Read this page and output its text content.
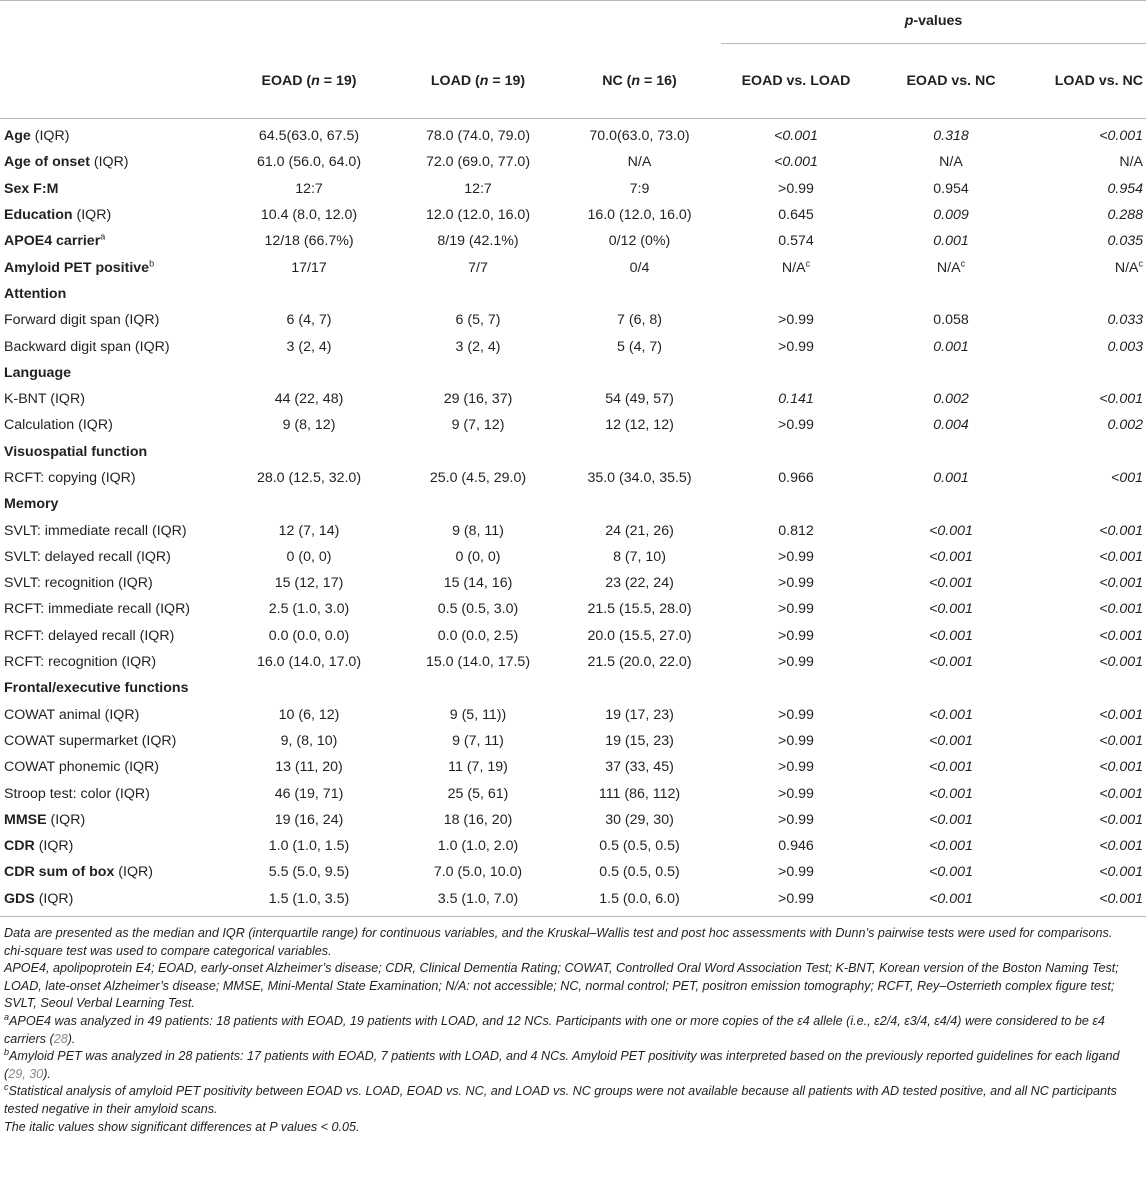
				p-values		
	EOAD (n = 19)	LOAD (n = 19)	NC (n = 16)	EOAD vs. LOAD	EOAD vs. NC	LOAD vs. NC

Age (IQR)	64.5(63.0, 67.5)	78.0 (74.0, 79.0)	70.0(63.0, 73.0)	<0.001	0.318	<0.001
Age of onset (IQR)	61.0 (56.0, 64.0)	72.0 (69.0, 77.0)	N/A	<0.001	N/A	N/A
Sex F:M	12:7	12:7	7:9	>0.99	0.954	0.954
Education (IQR)	10.4 (8.0, 12.0)	12.0 (12.0, 16.0)	16.0 (12.0, 16.0)	0.645	0.009	0.288
APOE4 carrier$^a$	12/18 (66.7%)	8/19 (42.1%)	0/12 (0%)	0.574	0.001	0.035
Amyloid PET positive$^b$	17/17	7/7	0/4	$N/A^c$	$N/A^c$	$N/A^c$
Attention						
Forward digit span (IQR)	6 (4, 7)	6 (5, 7)	7 (6, 8)	>0.99	0.058	0.033
Backward digit span (IQR)	3 (2, 4)	3 (2, 4)	5 (4, 7)	>0.99	0.001	0.003
Language						
K-BNT (IQR)	44 (22, 48)	29 (16, 37)	54 (49, 57)	0.141	0.002	<0.001
Calculation (IQR)	9 (8, 12)	9 (7, 12)	12 (12, 12)	>0.99	0.004	0.002
Visuospatial function						
RCFT: copying (IQR)	28.0 (12.5, 32.0)	25.0 (4.5, 29.0)	35.0 (34.0, 35.5)	0.966	0.001	<001
Memory						
SVLT: immediate recall (IQR)	12 (7, 14)	9 (8, 11)	24 (21, 26)	0.812	<0.001	<0.001
SVLT: delayed recall (IQR)	0 (0, 0)	0 (0, 0)	8 (7, 10)	>0.99	<0.001	<0.001
SVLT: recognition (IQR)	15 (12, 17)	15 (14, 16)	23 (22, 24)	>0.99	<0.001	<0.001
RCFT: immediate recall (IQR)	2.5 (1.0, 3.0)	0.5 (0.5, 3.0)	21.5 (15.5, 28.0)	>0.99	<0.001	<0.001
RCFT: delayed recall (IQR)	0.0 (0.0, 0.0)	0.0 (0.0, 2.5)	20.0 (15.5, 27.0)	>0.99	<0.001	<0.001
RCFT: recognition (IQR)	16.0 (14.0, 17.0)	15.0 (14.0, 17.5)	21.5 (20.0, 22.0)	>0.99	<0.001	<0.001
Frontal/executive functions						
COWAT animal (IQR)	10 (6, 12)	9 (5, 11))	19 (17, 23)	>0.99	<0.001	<0.001
COWAT supermarket (IQR)	9, (8, 10)	9 (7, 11)	19 (15, 23)	>0.99	<0.001	<0.001
COWAT phonemic (IQR)	13 (11, 20)	11 (7, 19)	37 (33, 45)	>0.99	<0.001	<0.001
Stroop test: color (IQR)	46 (19, 71)	25 (5, 61)	111 (86, 112)	>0.99	<0.001	<0.001
MMSE (IQR)	19 (16, 24)	18 (16, 20)	30 (29, 30)	>0.99	<0.001	<0.001
CDR (IQR)	1.0 (1.0, 1.5)	1.0 (1.0, 2.0)	0.5 (0.5, 0.5)	0.946	<0.001	<0.001
CDR sum of box (IQR)	5.5 (5.0, 9.5)	7.0 (5.0, 10.0)	0.5 (0.5, 0.5)	>0.99	<0.001	<0.001
GDS (IQR)	1.5 (1.0, 3.5)	3.5 (1.0, 7.0)	1.5 (0.0, 6.0)	>0.99	<0.001	<0.001

Data are presented as the median and IQR (interquartile range) for continuous variables, and the Kruskal–Wallis test and post hoc assessments with Dunn’s pairwise tests were used for comparisons.

chi-square test was used to compare categorical variables.

APOE4, apolipoprotein E4; EOAD, early-onset Alzheimer’s disease; CDR, Clinical Dementia Rating; COWAT, Controlled Oral Word Association Test; K-BNT, Korean version of the Boston Naming Test; LOAD, late-onset Alzheimer’s disease; MMSE, Mini-Mental State Examination; N/A: not accessible; NC, normal control; PET, positron emission tomography; RCFT, Rey–Osterrieth complex figure test; SVLT, Seoul Verbal Learning Test.

$^a$APOE4 was analyzed in 49 patients: 18 patients with EOAD, 19 patients with LOAD, and 12 NCs. Participants with one or more copies of the ε4 allele (i.e., ε2/4, ε3/4, ε4/4) were considered to be ε4 carriers (28).

$^b$Amyloid PET was analyzed in 28 patients: 17 patients with EOAD, 7 patients with LOAD, and 4 NCs. Amyloid PET positivity was interpreted based on the previously reported guidelines for each ligand (29, 30).

$^c$Statistical analysis of amyloid PET positivity between EOAD vs. LOAD, EOAD vs. NC, and LOAD vs. NC groups were not available because all patients with AD tested positive, and all NC participants tested negative in their amyloid scans.

The italic values show significant differences at P values < 0.05.
